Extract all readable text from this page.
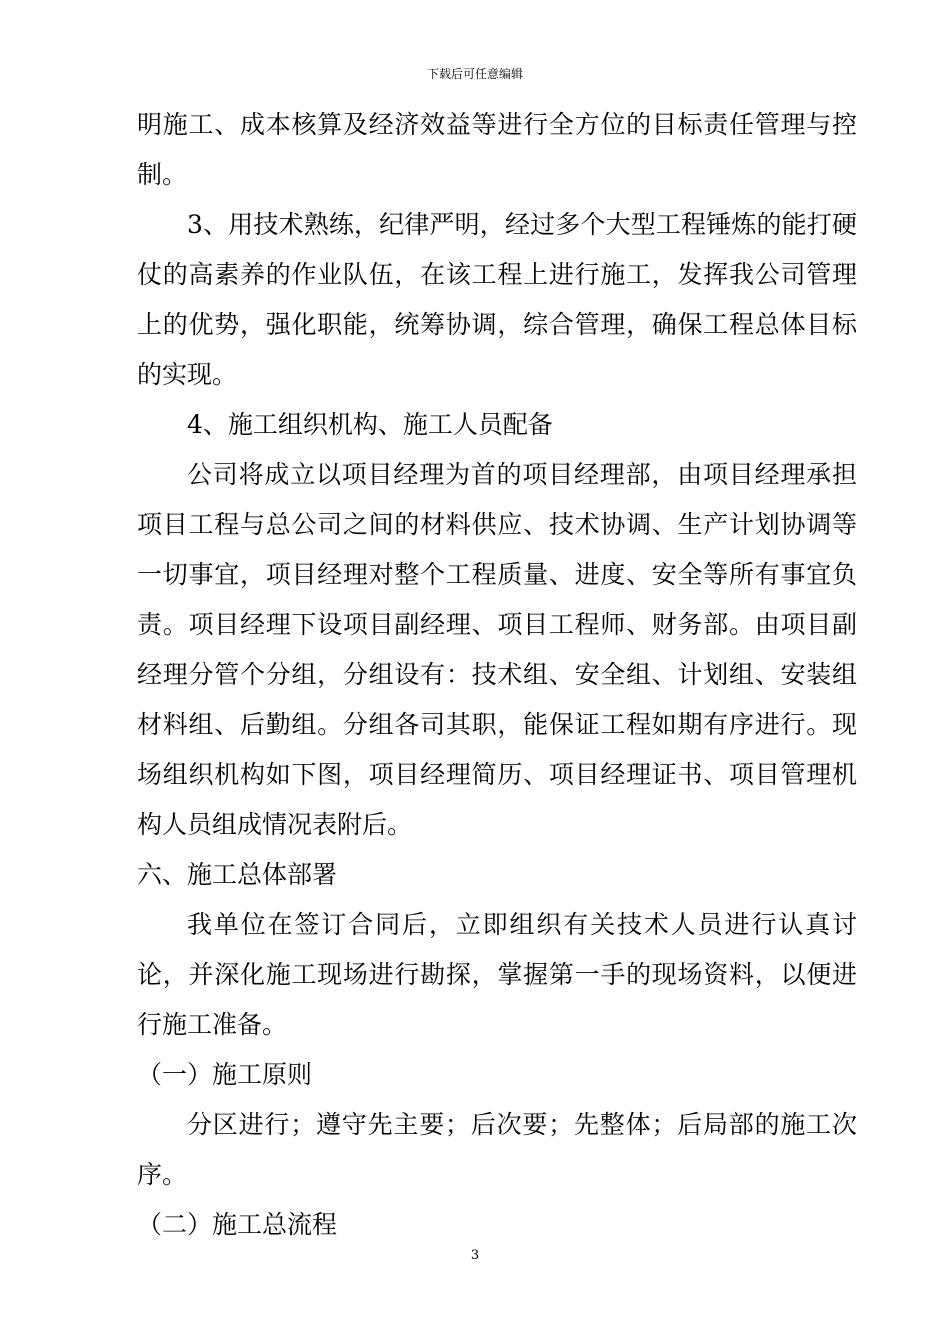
下载后可任意编辑

明施工、成本核算及经济效益等进行全方位的目标责任管理与控制。

3、用技术熟练，纪律严明，经过多个大型工程锤炼的能打硬仗的高素养的作业队伍，在该工程上进行施工，发挥我公司管理上的优势，强化职能，统筹协调，综合管理，确保工程总体目标的实现。

4、施工组织机构、施工人员配备

公司将成立以项目经理为首的项目经理部，由项目经理承担项目工程与总公司之间的材料供应、技术协调、生产计划协调等一切事宜，项目经理对整个工程质量、进度、安全等所有事宜负责。项目经理下设项目副经理、项目工程师、财务部。由项目副经理分管个分组，分组设有：技术组、安全组、计划组、安装组材料组、后勤组。分组各司其职，能保证工程如期有序进行。现场组织机构如下图，项目经理简历、项目经理证书、项目管理机构人员组成情况表附后。

六、施工总体部署

我单位在签订合同后，立即组织有关技术人员进行认真讨论，并深化施工现场进行勘探，掌握第一手的现场资料，以便进行施工准备。

（一）施工原则

分区进行；遵守先主要；后次要；先整体；后局部的施工次序。

（二）施工总流程

3
